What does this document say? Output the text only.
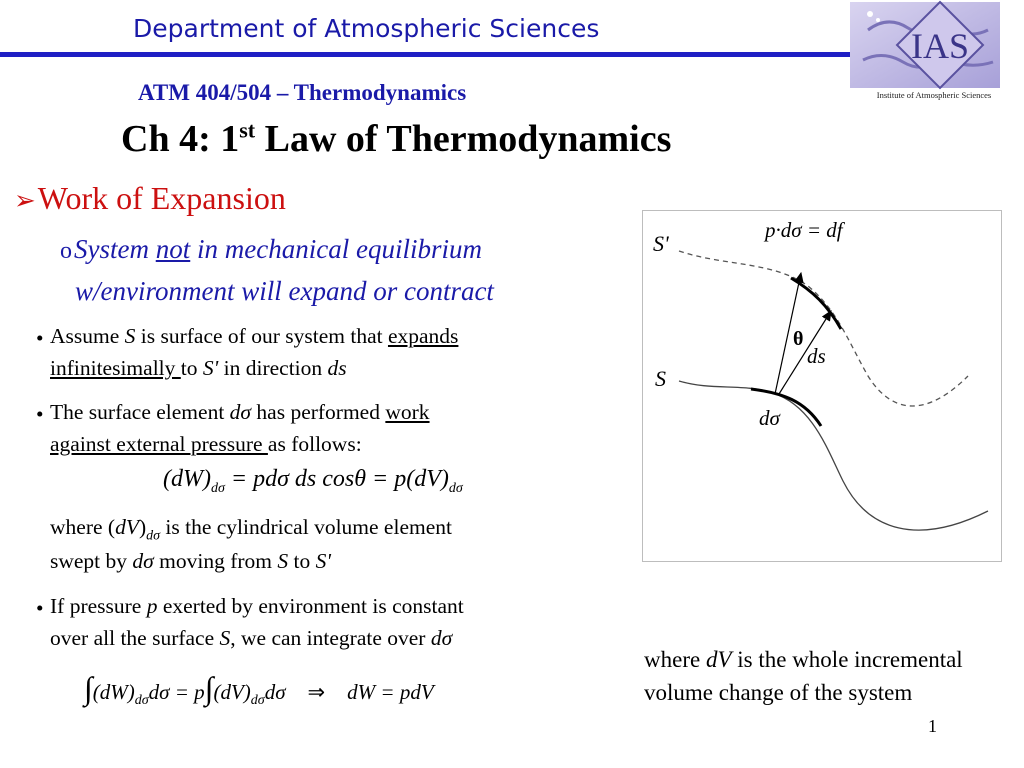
Department of Atmospheric Sciences	IAS
Institute of Atmospheric Sciences
ATM 404/504 – Thermodynamics
Ch 4: 1st Law of Thermodynamics
➢Work of Expansion
oSystem not in mechanical equilibrium
w/environment will expand or contract
• Assume S is surface of our system that expands
infinitesimally to S' in direction ds
• The surface element dσ has performed work
against external pressure as follows:
$(dW)_{d\sigma} = pd\sigma$ ds $\cos\theta = p(dV)_{d\sigma}$
where $(dV)_{d\sigma}$ is the cylindrical volume element
swept by dσ moving from S to S'
• If pressure p exerted by environment is constant
over all the surface S, we can integrate over dσ
$\int(dW)_{d\sigma}d\sigma = p\int(dV)_{d\sigma}d\sigma$ ⇒ dW = pdV
S'
S
p·dσ = df
θ
ds
dσ
where dV is the whole incremental volume change of the system
1
